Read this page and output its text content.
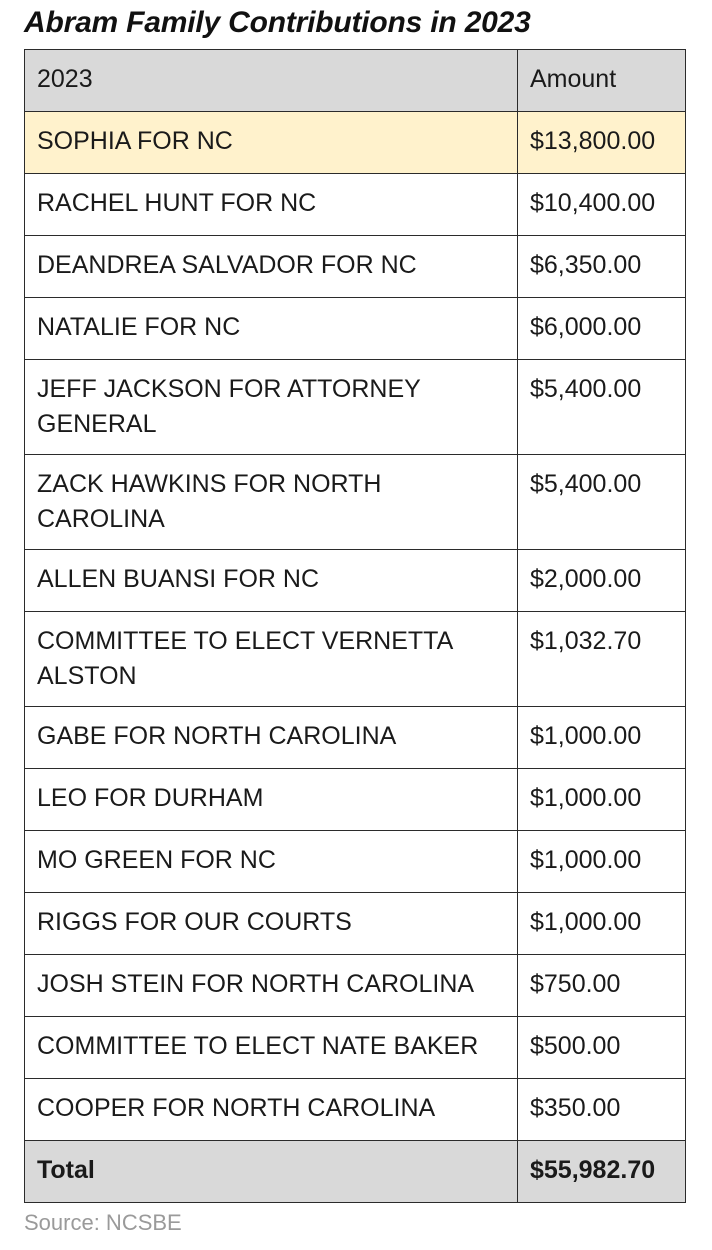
Abram Family Contributions in 2023
2023	Amount
SOPHIA FOR NC	$13,800.00
RACHEL HUNT FOR NC	$10,400.00
DEANDREA SALVADOR FOR NC	$6,350.00
NATALIE FOR NC	$6,000.00
JEFF JACKSON FOR ATTORNEY GENERAL	$5,400.00
ZACK HAWKINS FOR NORTH CAROLINA	$5,400.00
ALLEN BUANSI FOR NC	$2,000.00
COMMITTEE TO ELECT VERNETTA ALSTON	$1,032.70
GABE FOR NORTH CAROLINA	$1,000.00
LEO FOR DURHAM	$1,000.00
MO GREEN FOR NC	$1,000.00
RIGGS FOR OUR COURTS	$1,000.00
JOSH STEIN FOR NORTH CAROLINA	$750.00
COMMITTEE TO ELECT NATE BAKER	$500.00
COOPER FOR NORTH CAROLINA	$350.00
Total	$55,982.70
Source: NCSBE
